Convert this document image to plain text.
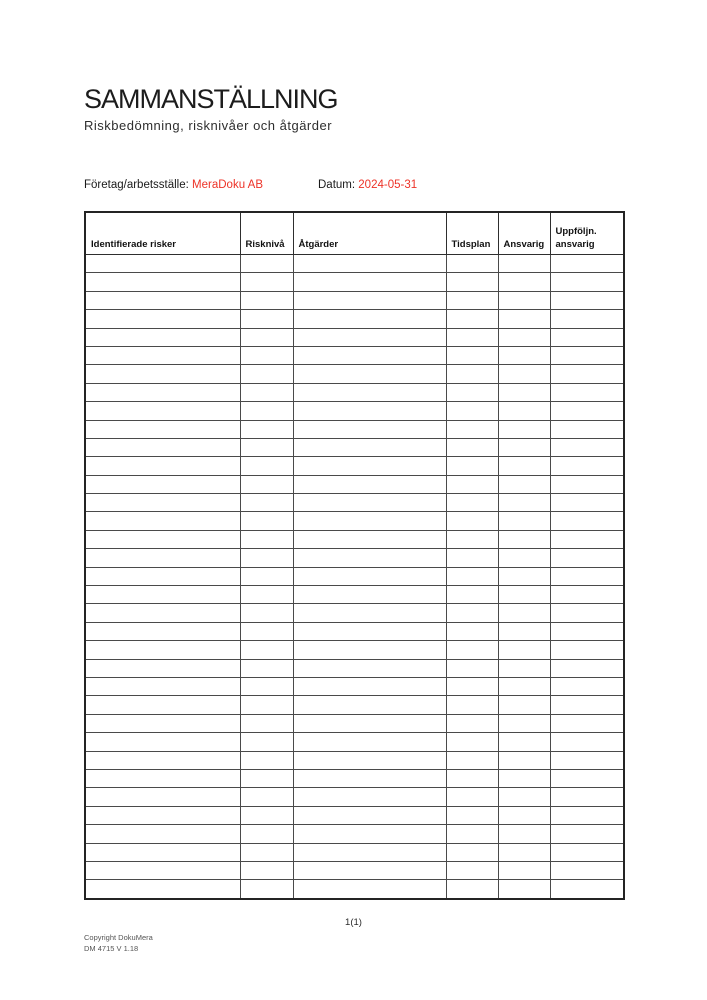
SAMMANSTÄLLNING
Riskbedömning, risknivåer och åtgärder
Företag/arbetsställe: MeraDoku AB	Datum: 2024-05-31
Identifierade risker	Risknivå	Åtgärder	Tidsplan	Ansvarig	Uppföljn. ansvarig

1(1)
Copyright DokuMera
DM 4715 V 1.18
